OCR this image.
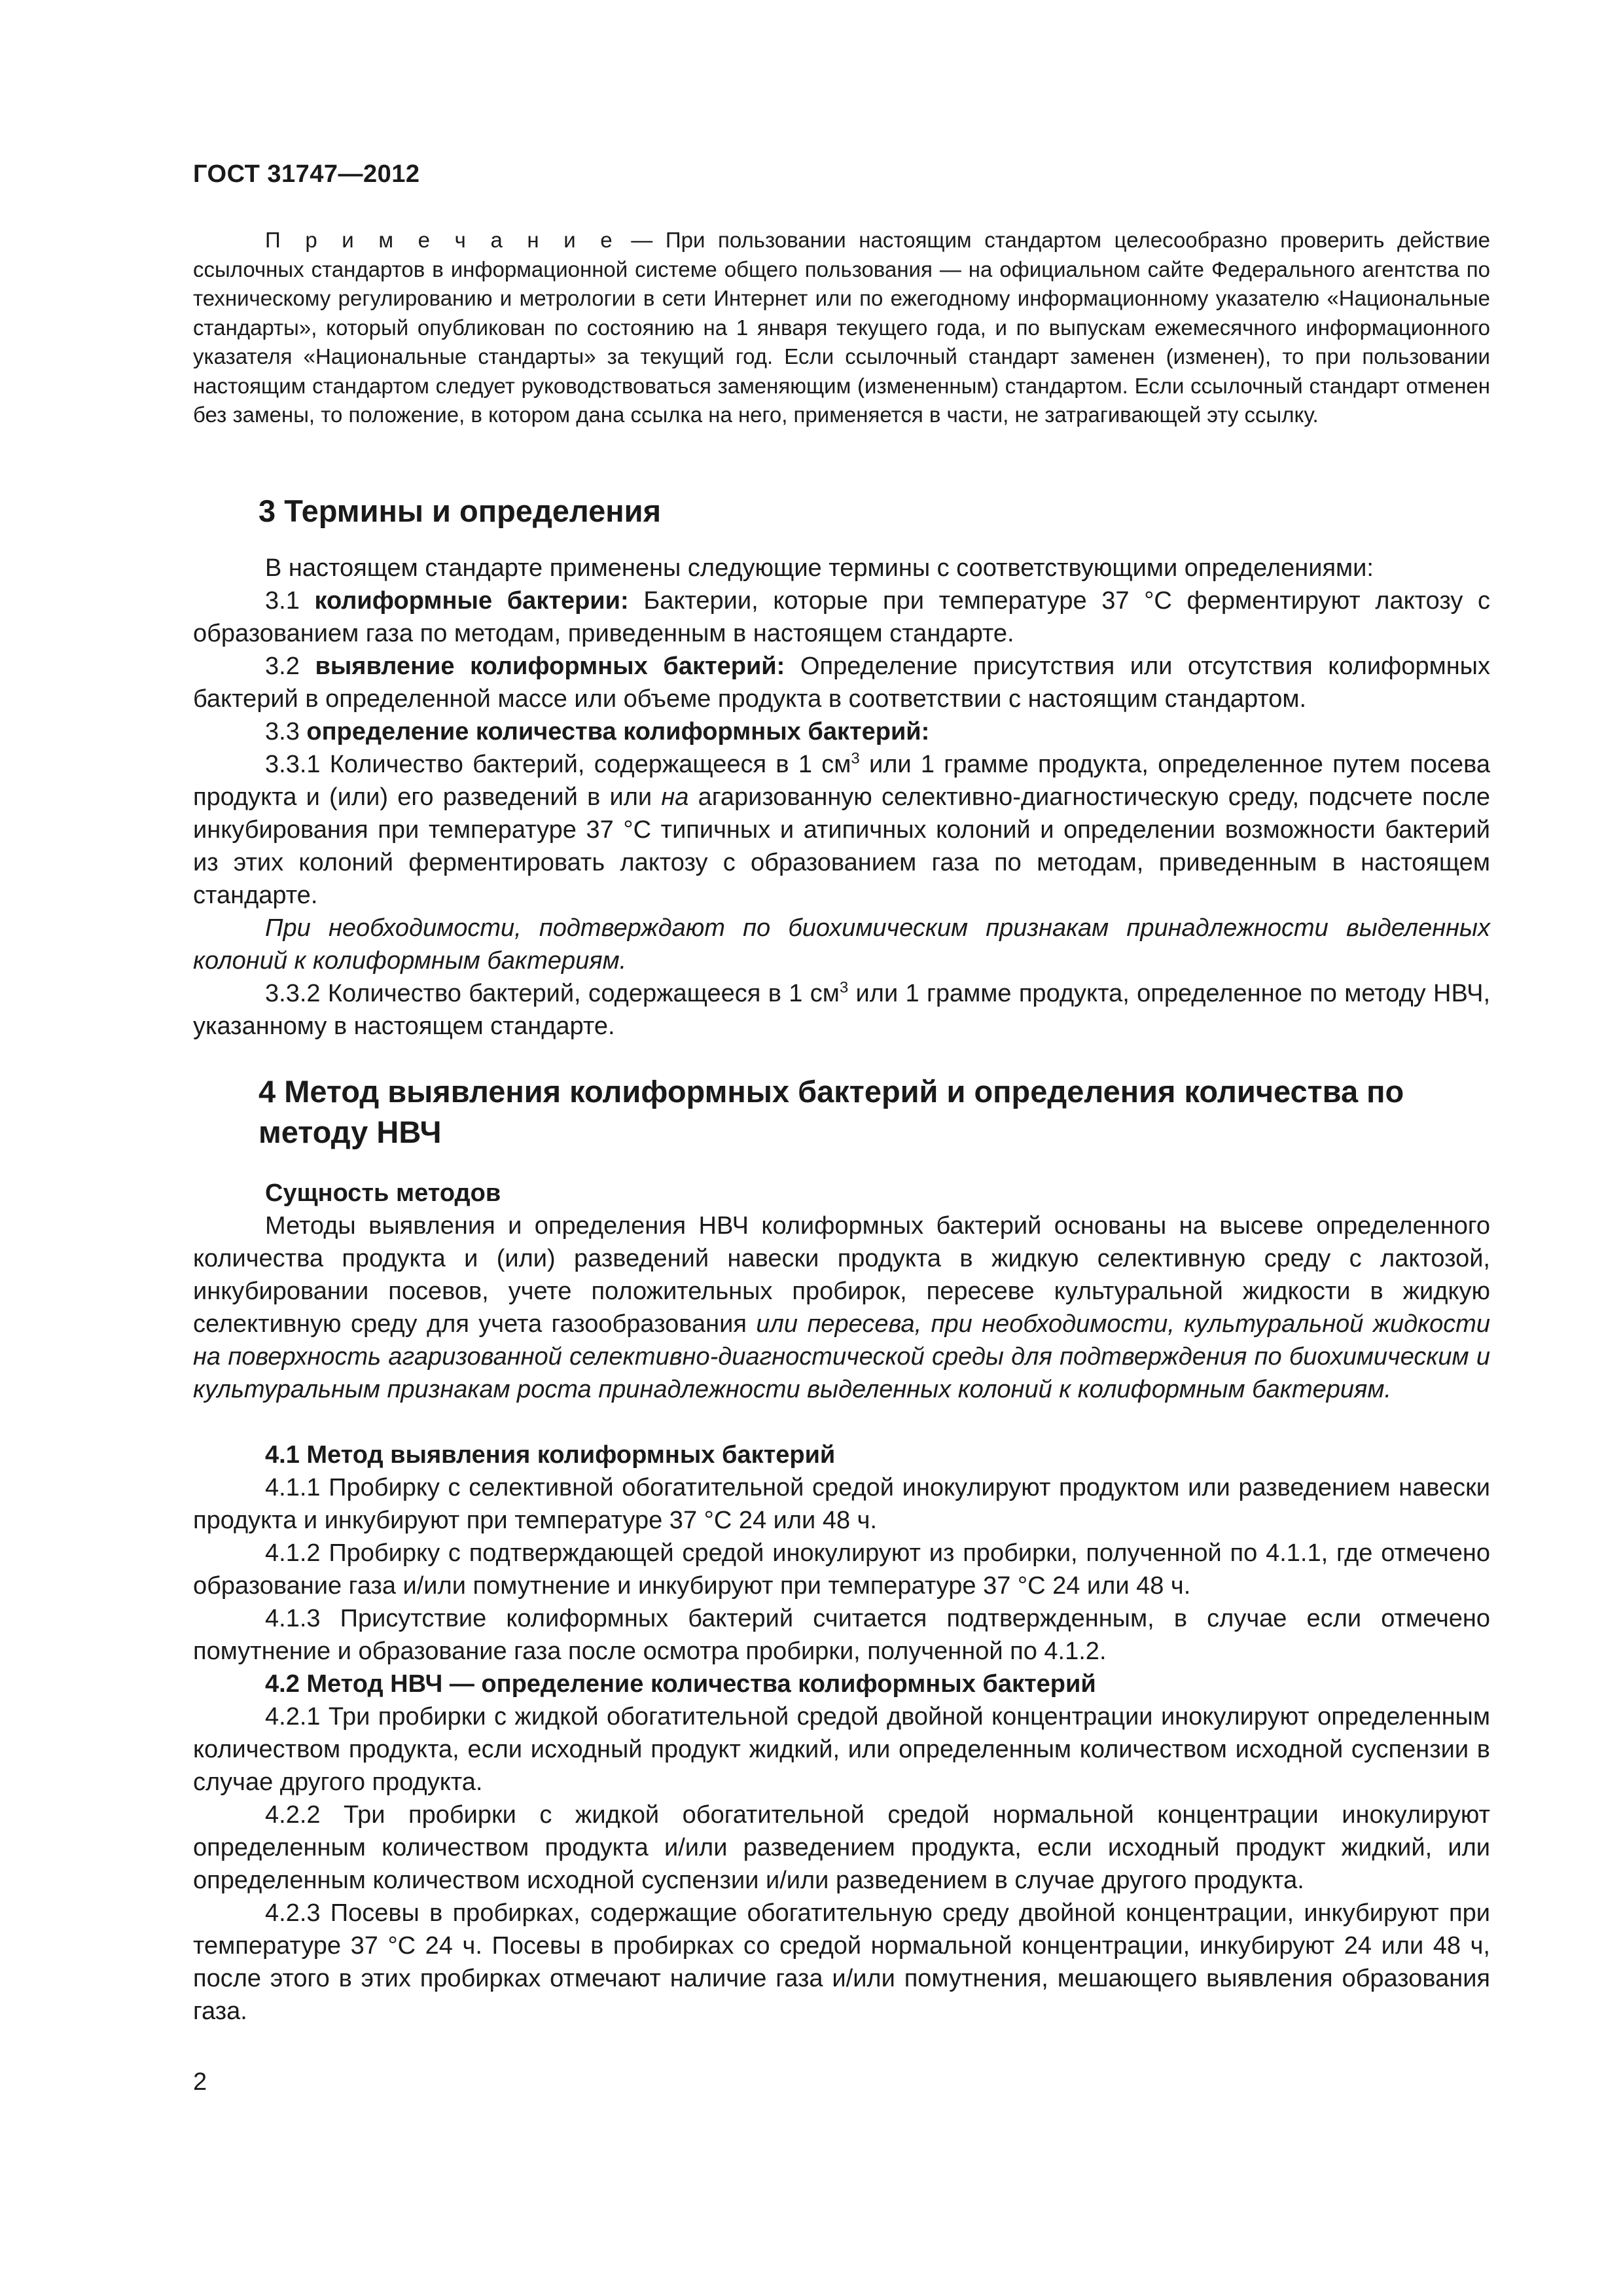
ГОСТ 31747—2012

П р и м е ч а н и е — При пользовании настоящим стандартом целесообразно проверить действие ссылочных стандартов в информационной системе общего пользования — на официальном сайте Федерального агентства по техническому регулированию и метрологии в сети Интернет или по ежегодному информационному указателю «Национальные стандарты», который опубликован по состоянию на 1 января текущего года, и по выпускам ежемесячного информационного указателя «Национальные стандарты» за текущий год. Если ссылочный стандарт заменен (изменен), то при пользовании настоящим стандартом следует руководствоваться заменяющим (измененным) стандартом. Если ссылочный стандарт отменен без замены, то положение, в котором дана ссылка на него, применяется в части, не затрагивающей эту ссылку.

3 Термины и определения

В настоящем стандарте применены следующие термины с соответствующими определениями:

3.1 колиформные бактерии: Бактерии, которые при температуре 37 °С ферментируют лактозу с образованием газа по методам, приведенным в настоящем стандарте.

3.2 выявление колиформных бактерий: Определение присутствия или отсутствия колиформных бактерий в определенной массе или объеме продукта в соответствии с настоящим стандартом.

3.3 определение количества колиформных бактерий:

3.3.1 Количество бактерий, содержащееся в 1 $см^3$ или 1 грамме продукта, определенное путем посева продукта и (или) его разведений в или на агаризованную селективно-диагностическую среду, подсчете после инкубирования при температуре 37 °С типичных и атипичных колоний и определении возможности бактерий из этих колоний ферментировать лактозу с образованием газа по методам, приведенным в настоящем стандарте.

При необходимости, подтверждают по биохимическим признакам принадлежности выделенных колоний к колиформным бактериям.

3.3.2 Количество бактерий, содержащееся в 1 $см^3$ или 1 грамме продукта, определенное по методу НВЧ, указанному в настоящем стандарте.

4 Метод выявления колиформных бактерий и определения количества по методу НВЧ
Сущность методов

Методы выявления и определения НВЧ колиформных бактерий основаны на высеве определенного количества продукта и (или) разведений навески продукта в жидкую селективную среду с лактозой, инкубировании посевов, учете положительных пробирок, пересеве культуральной жидкости в жидкую селективную среду для учета газообразования или пересева, при необходимости, культуральной жидкости на поверхность агаризованной селективно-диагностической среды для подтверждения по биохимическим и культуральным признакам роста принадлежности выделенных колоний к колиформным бактериям.

4.1 Метод выявления колиформных бактерий

4.1.1 Пробирку с селективной обогатительной средой инокулируют продуктом или разведением навески продукта и инкубируют при температуре 37 °С 24 или 48 ч.

4.1.2 Пробирку с подтверждающей средой инокулируют из пробирки, полученной по 4.1.1, где отмечено образование газа и/или помутнение и инкубируют при температуре 37 °С 24 или 48 ч.

4.1.3 Присутствие колиформных бактерий считается подтвержденным, в случае если отмечено помутнение и образование газа после осмотра пробирки, полученной по 4.1.2.

4.2 Метод НВЧ — определение количества колиформных бактерий

4.2.1 Три пробирки с жидкой обогатительной средой двойной концентрации инокулируют определенным количеством продукта, если исходный продукт жидкий, или определенным количеством исходной суспензии в случае другого продукта.

4.2.2 Три пробирки с жидкой обогатительной средой нормальной концентрации инокулируют определенным количеством продукта и/или разведением продукта, если исходный продукт жидкий, или определенным количеством исходной суспензии и/или разведением в случае другого продукта.

4.2.3 Посевы в пробирках, содержащие обогатительную среду двойной концентрации, инкубируют при температуре 37 °С 24 ч. Посевы в пробирках со средой нормальной концентрации, инкубируют 24 или 48 ч, после этого в этих пробирках отмечают наличие газа и/или помутнения, мешающего выявления образования газа.

2
